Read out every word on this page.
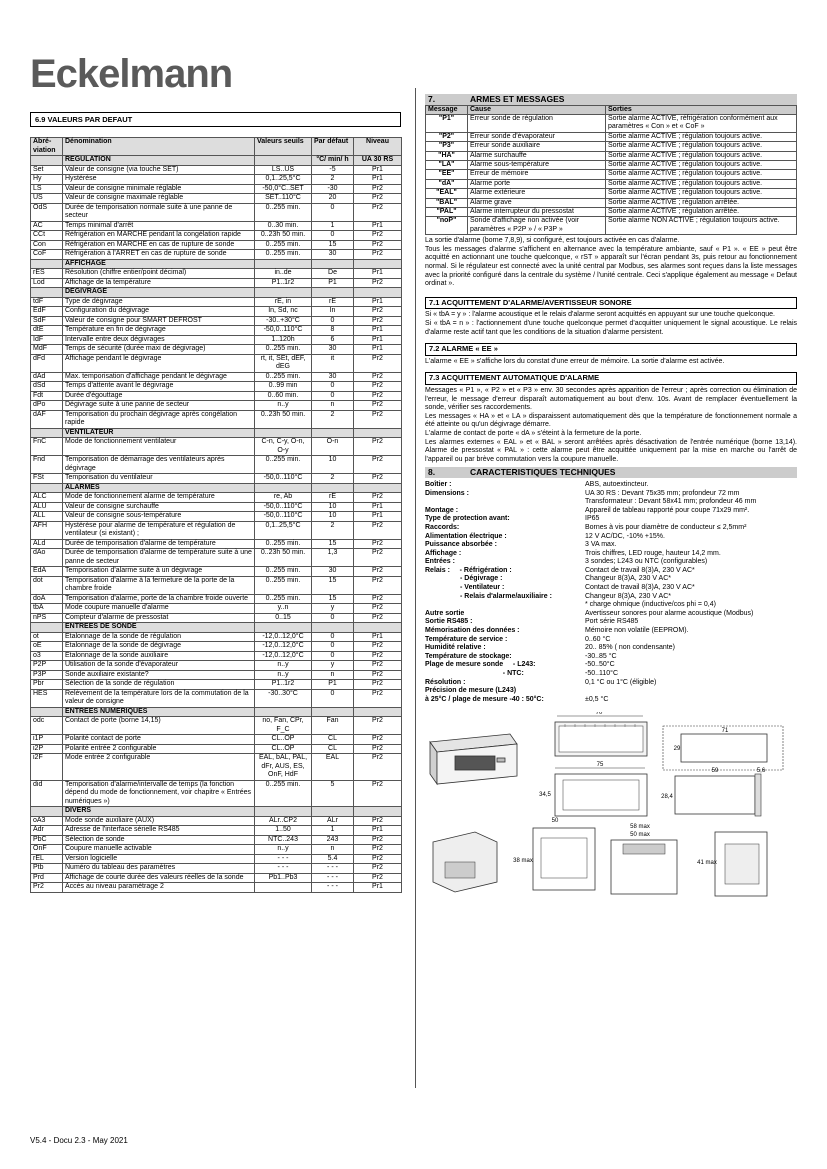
Eckelmann
6.9 VALEURS PAR DEFAUT
Abré-viation	Dénomination	Valeurs seuils	Par défaut	Niveau
	REGULATION		°C/ min/ h	UA 30 RS
Set	Valeur de consigne (via touche SET)	LS..US	-5	Pr1
Hy	Hystérèse	0,1..25,5°C	2	Pr1
LS	Valeur de consigne minimale réglable	-50,0°C..SET	-30	Pr2
US	Valeur de consigne maximale réglable	SET..110°C	20	Pr2
OdS	Durée de temporisation normale suite à une panne de secteur	0..255 min.	0	Pr2
AC	Temps minimal d'arrêt	0..30 min.	1	Pr1
CCt	Réfrigération en MARCHE pendant la congélation rapide	0..23h 50 min.	0	Pr2
Con	Réfrigération en MARCHE en cas de rupture de sonde	0..255 min.	15	Pr2
CoF	Réfrigération à l'ARRET en cas de rupture de sonde	0..255 min.	30	Pr2
	AFFICHAGE			
rES	Résolution (chiffre entier/point décimal)	in..de	De	Pr1
Lod	Affichage de la température	P1..1r2	P1	Pr2
	DEGIVRAGE			
tdF	Type de dégivrage	rE, in	rE	Pr1
EdF	Configuration du dégivrage	In, Sd, nc	In	Pr2
SdF	Valeur de consigne pour SMART DEFROST	-30..+30°C	0	Pr2
dtE	Température en fin de dégivrage	-50,0..110°C	8	Pr1
IdF	Intervalle entre deux dégivrages	1..120h	6	Pr1
MdF	Temps de sécurité (durée maxi de dégivrage)	0..255 min.	30	Pr1
dFd	Affichage pendant le dégivrage	rt, it, SEt, dEF, dEG	it	Pr2
dAd	Max. temporisation d'affichage pendant le dégivrage	0..255 min.	30	Pr2
dSd	Temps d'attente avant le dégivrage	0..99 min	0	Pr2
Fdt	Durée d'égouttage	0..60 min.	0	Pr2
dPo	Dégivrage suite à une panne de secteur	n..y	n	Pr2
dAF	Temporisation du prochain dégivrage après congélation rapide	0..23h 50 min.	2	Pr2
	VENTILATEUR			
FnC	Mode de fonctionnement ventilateur	C-n, C-y, O-n, O-y	O-n	Pr2
Fnd	Temporisation de démarrage des ventilateurs après dégivrage	0..255 min.	10	Pr2
FSt	Temporisation du ventilateur	-50,0..110°C	2	Pr2
	ALARMES			
ALC	Mode de fonctionnement alarme de température	re, Ab	rE	Pr2
ALU	Valeur de consigne surchauffe	-50,0..110°C	10	Pr1
ALL	Valeur de consigne sous-température	-50,0..110°C	10	Pr1
AFH	Hystérèse pour alarme de température et régulation de ventilateur (si existant) ;	0,1..25,5°C	2	Pr2
ALd	Durée de temporisation d'alarme de température	0..255 min.	15	Pr2
dAo	Durée de temporisation d'alarme de température suite à une panne de secteur	0..23h 50 min.	1,3	Pr2
EdA	Temporisation d'alarme suite à un dégivrage	0..255 min.	30	Pr2
dot	Temporisation d'alarme à la fermeture de la porte de la chambre froide	0..255 min.	15	Pr2
doA	Temporisation d'alarme, porte de la chambre froide ouverte	0..255 min.	15	Pr2
tbA	Mode coupure manuelle d'alarme	y..n	y	Pr2
nPS	Compteur d'alarme de pressostat	0..15	0	Pr2
	ENTREES DE SONDE			
ot	Etalonnage de la sonde de régulation	-12,0..12,0°C	0	Pr1
oE	Etalonnage de la sonde de dégivrage	-12,0..12,0°C	0	Pr2
o3	Etalonnage de la sonde auxiliaire	-12,0..12,0°C	0	Pr2
P2P	Utilisation de la sonde d'évaporateur	n..y	y	Pr2
P3P	Sonde auxiliaire existante?	n..y	n	Pr2
Pbr	Sélection de la sonde de régulation	P1..1r2	P1	Pr2
HES	Relèvement de la température lors de la commutation de la valeur de consigne	-30..30°C	0	Pr2
	ENTREES NUMERIQUES			
odc	Contact de porte (borne 14,15)	no, Fan, CPr, F_C	Fan	Pr2
i1P	Polarité contact de porte	CL..OP	CL	Pr2
i2P	Polarité entrée 2 configurable	CL..OP	CL	Pr2
i2F	Mode entrée 2 configurable	EAL, bAL, PAL, dFr, AUS, ES, OnF, HdF	EAL	Pr2
did	Temporisation d'alarme/intervalle de temps (la fonction dépend du mode de fonctionnement, voir chapitre « Entrées numériques »)	0..255 min.	5	Pr2
	DIVERS			
oA3	Mode sonde auxiliaire (AUX)	ALr..CP2	ALr	Pr2
Adr	Adresse de l'interface sérielle RS485	1..50	1	Pr1
PbC	Sélection de sonde	NTC..243	243	Pr2
OnF	Coupure manuelle activable	n..y	n	Pr2
rEL	Version logicielle	- - -	5.4	Pr2
Ptb	Numéro du tableau des paramètres	- - -	- - -	Pr2
Prd	Affichage de courte durée des valeurs réelles de la sonde	Pb1..Pb3	- - -	Pr2
Pr2	Accès au niveau paramétrage 2		- - -	Pr1
7.	ARMES ET MESSAGES
Message	Cause	Sorties
"P1"	Erreur sonde de régulation	Sortie alarme ACTIVE, réfrigération conformément aux paramètres « Con » et « CoF »
"P2"	Erreur sonde d'évaporateur	Sortie alarme ACTIVE ; régulation toujours active.
"P3"	Erreur sonde auxiliaire	Sortie alarme ACTIVE ; régulation toujours active.
"HA"	Alarme surchauffe	Sortie alarme ACTIVE ; régulation toujours active.
"LA"	Alarme sous-température	Sortie alarme ACTIVE ; régulation toujours active.
"EE"	Erreur de mémoire	Sortie alarme ACTIVE ; régulation toujours active.
"dA"	Alarme porte	Sortie alarme ACTIVE ; régulation toujours active.
"EAL"	Alarme extérieure	Sortie alarme ACTIVE ; régulation toujours active.
"BAL"	Alarme grave	Sortie alarme ACTIVE ; régulation arrêtée.
"PAL"	Alarme interrupteur du pressostat	Sortie alarme ACTIVE ; régulation arrêtée.
"noP"	Sonde d'affichage non activée (voir paramètres « P2P » / « P3P »	Sortie alarme NON ACTIVE ; régulation toujours active.

La sortie d'alarme (borne 7,8,9), si configuré, est toujours activée en cas d'alarme.

Tous les messages d'alarme s'affichent en alternance avec la température ambiante, sauf « P1 ». « EE » peut être acquitté en actionnant une touche quelconque, « rST » apparaît sur l'écran pendant 3s, puis retour au fonctionnement normal. Si le régulateur est connecté avec la unité central par Modbus, ses alarmes sont reçues dans la liste messages avec la priorité configuré dans la centrale du système / l'unité centrale. Ceci s'applique également au message « Defaut ordinat ».

7.1 ACQUITTEMENT D'ALARME/AVERTISSEUR SONORE

Si « tbA = y » : l'alarme acoustique et le relais d'alarme seront acquittés en appuyant sur une touche quelconque.

Si « tbA = n » : l'actionnement d'une touche quelconque permet d'acquitter uniquement le signal acoustique. Le relais d'alarme reste actif tant que les conditions de la situation d'alarme persistent.

7.2 ALARME « EE »

L'alarme « EE » s'affiche lors du constat d'une erreur de mémoire. La sortie d'alarme est activée.

7.3 ACQUITTEMENT AUTOMATIQUE D'ALARME

Messages « P1 », « P2 » et « P3 » env. 30 secondes après apparition de l'erreur ; après correction ou élimination de l'erreur, le message d'erreur disparaît automatiquement au bout d'env. 10s. Avant de remplacer éventuellement la sonde, vérifier ses raccordements.

Les messages « HA » et « LA » disparaissent automatiquement dès que la température de fonctionnement normale a été atteinte ou qu'un dégivrage démarre.

L'alarme de contact de porte « dA » s'éteint à la fermeture de la porte.

Les alarmes externes « EAL » et « BAL » seront arrêtées après désactivation de l'entrée numérique (borne 13,14). Alarme de pressostat « PAL » : cette alarme peut être acquittée uniquement par la mise en marche ou l'arrêt de l'appareil ou par brève commutation vers la coupure manuelle.

8.	CARACTERISTIQUES TECHNIQUES
Boîtier :	ABS, autoextincteur.
Dimensions :	UA 30 RS : Devant 75x35 mm; profondeur 72 mm
Transformateur : Devant 58x41 mm; profondeur 46 mm
Montage :	Appareil de tableau rapporté pour coupe 71x29 mm².
Type de protection avant:	IP65
Raccords:	Bornes à vis pour diamètre de conducteur ≤ 2,5mm²
Alimentation électrique :	12 V AC/DC, -10% +15%.
Puissance absorbée :	3 VA max.
Affichage :	Trois chiffres, LED rouge, hauteur 14,2 mm.
Entrées :	3 sondes; L243 ou NTC (configurables)
Relais :     - Réfrigération :	Contact de travail 8(3)A, 230 V AC*
- Dégivrage :	Changeur 8(3)A, 230 V AC*
- Ventilateur :	Contact de travail 8(3)A, 230 V AC*
- Relais d'alarme/auxiliaire :	Changeur 8(3)A, 230 V AC*
* charge ohmique (inductive/cos phi = 0,4)
Autre sortie	Avertisseur sonores pour alarme acoustique (Modbus)
Sortie RS485 :	Port série RS485
Mémorisation des données :	Mémoire non volatile (EEPROM).
Température de service :	0..60 °C
Humidité relative :	20.. 85% ( non condensante)
Température de stockage:	-30..85 °C
Plage de mesure sonde     - L243:	-50..50°C
- NTC:	-50..110°C
Résolution :	0,1 °C ou 1°C (éligible)
Précision de mesure (L243)
à 25°C / plage de mesure -40 : 50°C:	±0,5 °C
70
71
29
75
34,5
59	5,6
28,4
50
38 max
58 max
50 max
41 max
V5.4 - Docu 2.3 - May 2021
